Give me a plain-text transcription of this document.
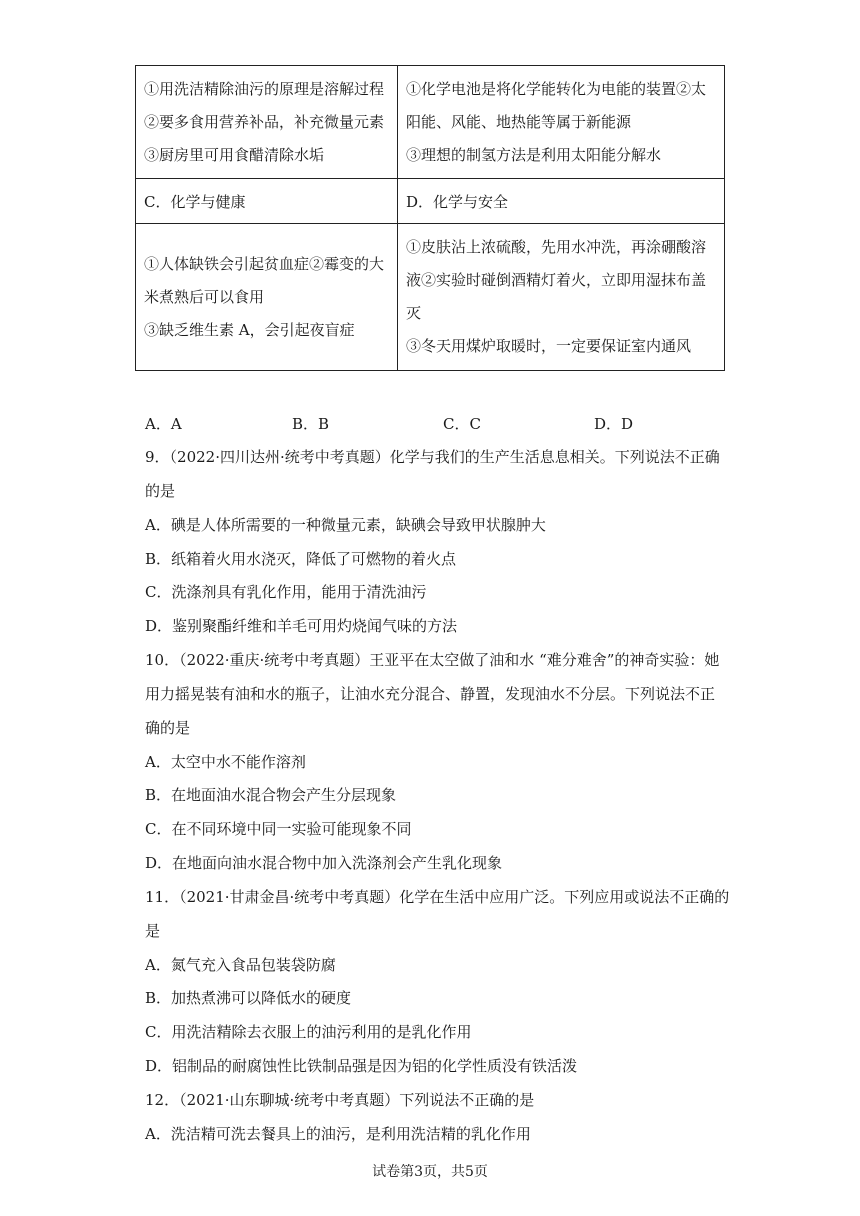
①用洗洁精除油污的原理是溶解过程
②要多食用营养补品，补充微量元素
③厨房里可用食醋清除水垢	①化学电池是将化学能转化为电能的装置②太
阳能、风能、地热能等属于新能源
③理想的制氢方法是利用太阳能分解水

C．化学与健康	D．化学与安全

①人体缺铁会引起贫血症②霉变的大
米煮熟后可以食用
③缺乏维生素 A，会引起夜盲症	①皮肤沾上浓硫酸，先用水冲洗，再涂硼酸溶
液②实验时碰倒酒精灯着火，立即用湿抹布盖
灭
③冬天用煤炉取暖时，一定要保证室内通风
A．A	B．B	C．C	D．D
9．（2022·四川达州·统考中考真题）化学与我们的生产生活息息相关。下列说法不正确
的是
A．碘是人体所需要的一种微量元素，缺碘会导致甲状腺肿大
B．纸箱着火用水浇灭，降低了可燃物的着火点
C．洗涤剂具有乳化作用，能用于清洗油污
D．鉴别聚酯纤维和羊毛可用灼烧闻气味的方法
10．（2022·重庆·统考中考真题）王亚平在太空做了油和水 “难分难舍”的神奇实验：她
用力摇晃装有油和水的瓶子，让油水充分混合、静置，发现油水不分层。下列说法不正
确的是
A．太空中水不能作溶剂
B．在地面油水混合物会产生分层现象
C．在不同环境中同一实验可能现象不同
D．在地面向油水混合物中加入洗涤剂会产生乳化现象
11．（2021·甘肃金昌·统考中考真题）化学在生活中应用广泛。下列应用或说法不正确的
是
A．氮气充入食品包装袋防腐
B．加热煮沸可以降低水的硬度
C．用洗洁精除去衣服上的油污利用的是乳化作用
D．铝制品的耐腐蚀性比铁制品强是因为铝的化学性质没有铁活泼
12．（2021·山东聊城·统考中考真题）下列说法不正确的是
A．洗洁精可洗去餐具上的油污，是利用洗洁精的乳化作用
试卷第3页，共5页
